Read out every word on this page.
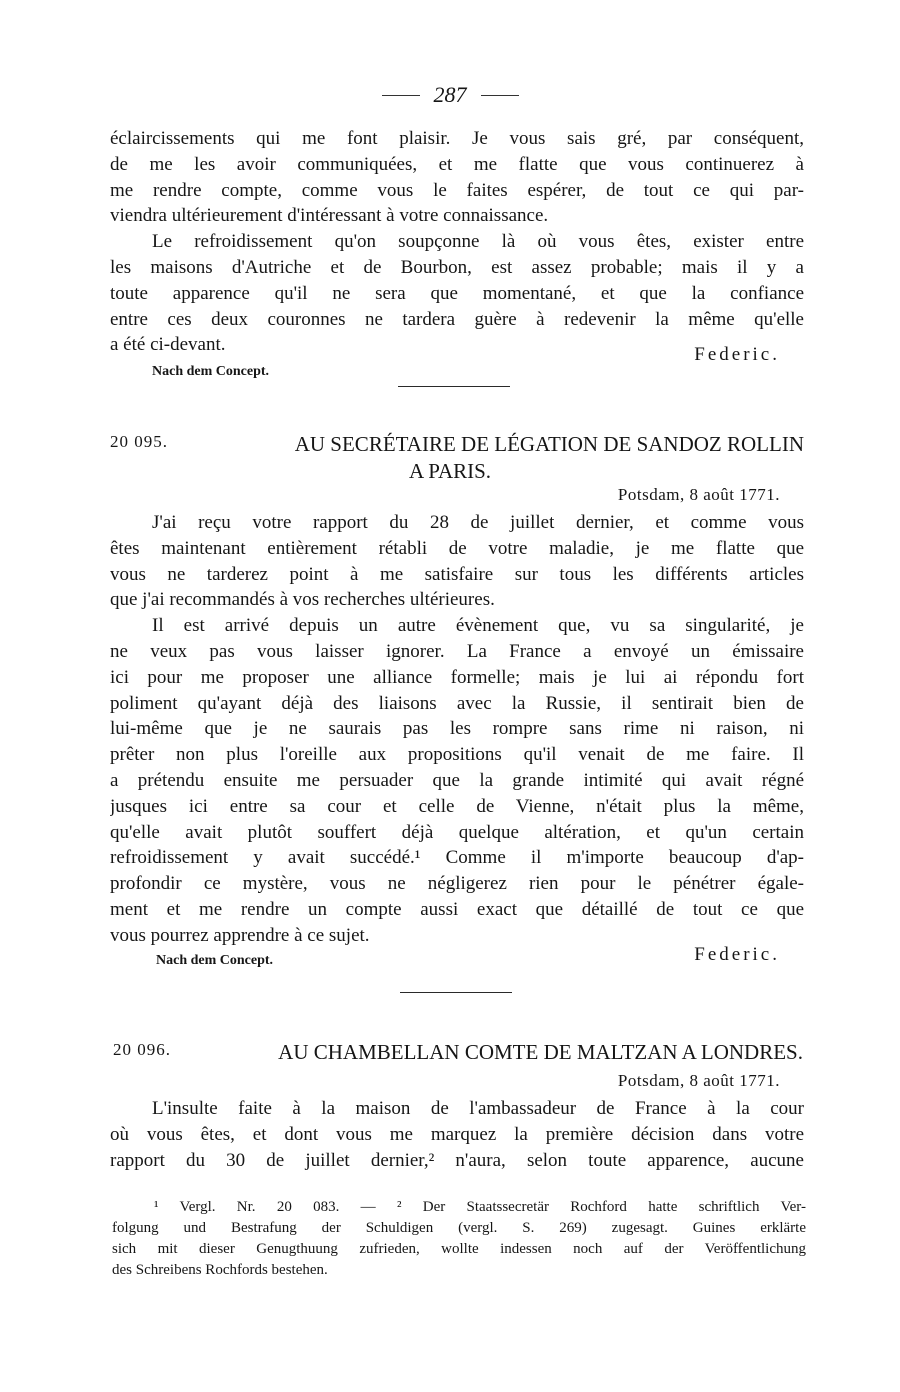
287
éclaircissements qui me font plaisir. Je vous sais gré, par conséquent,
de me les avoir communiquées, et me flatte que vous continuerez à
me rendre compte, comme vous le faites espérer, de tout ce qui par-
viendra ultérieurement d'intéressant à votre connaissance.
Le refroidissement qu'on soupçonne là où vous êtes, exister entre
les maisons d'Autriche et de Bourbon, est assez probable; mais il y a
toute apparence qu'il ne sera que momentané, et que la confiance
entre ces deux couronnes ne tardera guère à redevenir la même qu'elle
a été ci-devant.	Federic.
Nach dem Concept.
20 095.	AU SECRÉTAIRE DE LÉGATION DE SANDOZ ROLLIN
A PARIS.
Potsdam, 8 août 1771.
J'ai reçu votre rapport du 28 de juillet dernier, et comme vous
êtes maintenant entièrement rétabli de votre maladie, je me flatte que
vous ne tarderez point à me satisfaire sur tous les différents articles
que j'ai recommandés à vos recherches ultérieures.
Il est arrivé depuis un autre évènement que, vu sa singularité, je
ne veux pas vous laisser ignorer. La France a envoyé un émissaire
ici pour me proposer une alliance formelle; mais je lui ai répondu fort
poliment qu'ayant déjà des liaisons avec la Russie, il sentirait bien de
lui-même que je ne saurais pas les rompre sans rime ni raison, ni
prêter non plus l'oreille aux propositions qu'il venait de me faire. Il
a prétendu ensuite me persuader que la grande intimité qui avait régné
jusques ici entre sa cour et celle de Vienne, n'était plus la même,
qu'elle avait plutôt souffert déjà quelque altération, et qu'un certain
refroidissement y avait succédé.¹ Comme il m'importe beaucoup d'ap-
profondir ce mystère, vous ne négligerez rien pour le pénétrer égale-
ment et me rendre un compte aussi exact que détaillé de tout ce que
vous pourrez apprendre à ce sujet.
Nach dem Concept.	Federic.
20 096.	AU CHAMBELLAN COMTE DE MALTZAN A LONDRES.
Potsdam, 8 août 1771.
L'insulte faite à la maison de l'ambassadeur de France à la cour
où vous êtes, et dont vous me marquez la première décision dans votre
rapport du 30 de juillet dernier,² n'aura, selon toute apparence, aucune
¹ Vergl. Nr. 20 083. — ² Der Staatssecretär Rochford hatte schriftlich Ver-
folgung und Bestrafung der Schuldigen (vergl. S. 269) zugesagt. Guines erklärte
sich mit dieser Genugthuung zufrieden, wollte indessen noch auf der Veröffentlichung
des Schreibens Rochfords bestehen.
